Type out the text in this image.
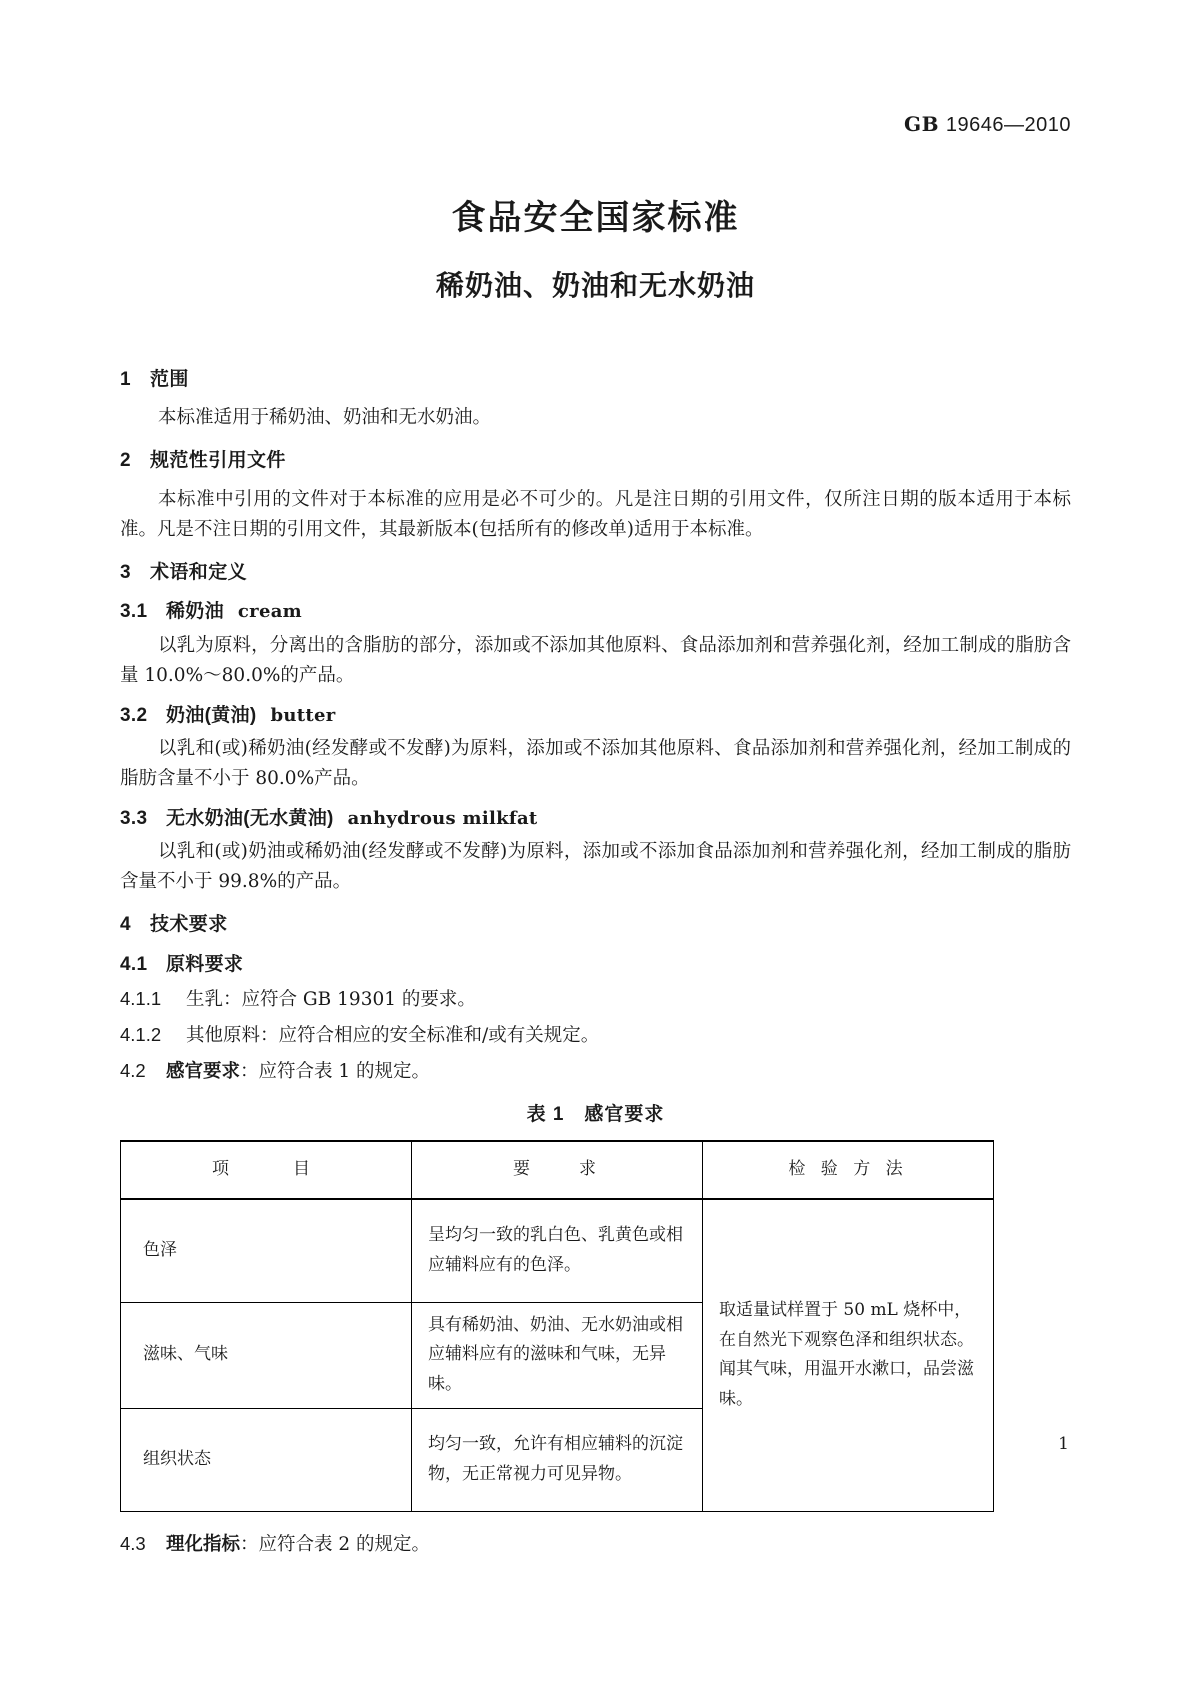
GB 19646—2010
食品安全国家标准
稀奶油、奶油和无水奶油
1 范围

本标准适用于稀奶油、奶油和无水奶油。

2 规范性引用文件

本标准中引用的文件对于本标准的应用是必不可少的。凡是注日期的引用文件，仅所注日期的版本适用于本标准。凡是不注日期的引用文件，其最新版本(包括所有的修改单)适用于本标准。

3 术语和定义
3.1 稀奶油 cream

以乳为原料，分离出的含脂肪的部分，添加或不添加其他原料、食品添加剂和营养强化剂，经加工制成的脂肪含量 10.0%～80.0%的产品。

3.2 奶油(黄油) butter

以乳和(或)稀奶油(经发酵或不发酵)为原料，添加或不添加其他原料、食品添加剂和营养强化剂，经加工制成的脂肪含量不小于 80.0%产品。

3.3 无水奶油(无水黄油) anhydrous milkfat

以乳和(或)奶油或稀奶油(经发酵或不发酵)为原料，添加或不添加食品添加剂和营养强化剂，经加工制成的脂肪含量不小于 99.8%的产品。

4 技术要求
4.1 原料要求
4.1.1 生乳：应符合 GB 19301 的要求。
4.1.2 其他原料：应符合相应的安全标准和/或有关规定。
4.2 感官要求：应符合表 1 的规定。
表 1　感官要求
项　　目	要　　求	检 验 方 法
色泽	呈均匀一致的乳白色、乳黄色或相应辅料应有的色泽。	取适量试样置于 50 mL 烧杯中，在自然光下观察色泽和组织状态。闻其气味，用温开水漱口，品尝滋味。
滋味、气味	具有稀奶油、奶油、无水奶油或相应辅料应有的滋味和气味，无异味。	
组织状态	均匀一致，允许有相应辅料的沉淀物，无正常视力可见异物。	
4.3 理化指标：应符合表 2 的规定。
1
